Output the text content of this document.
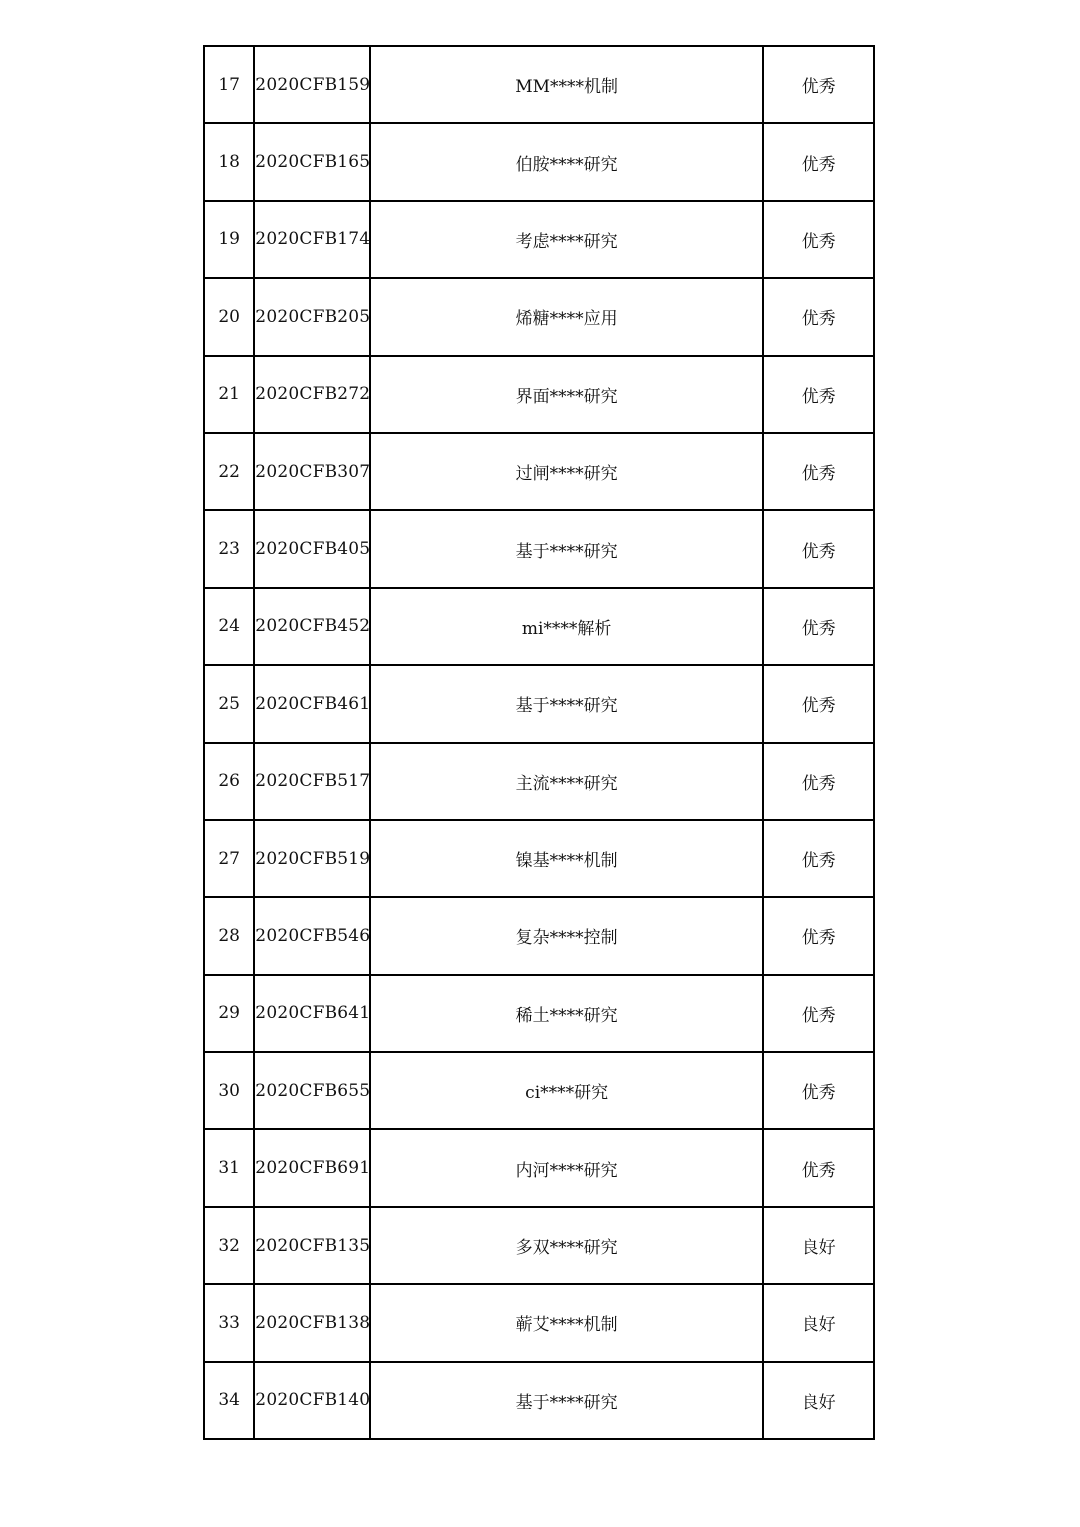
17	2020CFB159	MM****机制	优秀
18	2020CFB165	伯胺****研究	优秀
19	2020CFB174	考虑****研究	优秀
20	2020CFB205	烯糖****应用	优秀
21	2020CFB272	界面****研究	优秀
22	2020CFB307	过闸****研究	优秀
23	2020CFB405	基于****研究	优秀
24	2020CFB452	mi****解析	优秀
25	2020CFB461	基于****研究	优秀
26	2020CFB517	主流****研究	优秀
27	2020CFB519	镍基****机制	优秀
28	2020CFB546	复杂****控制	优秀
29	2020CFB641	稀土****研究	优秀
30	2020CFB655	ci****研究	优秀
31	2020CFB691	内河****研究	优秀
32	2020CFB135	多双****研究	良好
33	2020CFB138	蕲艾****机制	良好
34	2020CFB140	基于****研究	良好
